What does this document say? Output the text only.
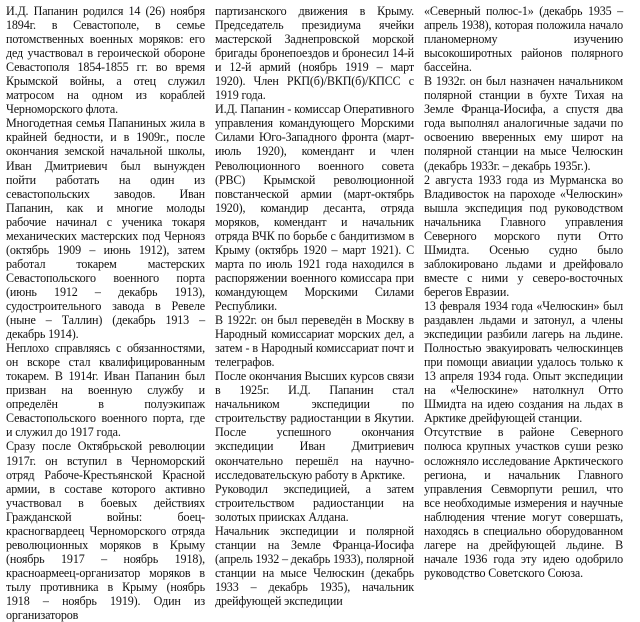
И.Д. Папанин родился 14 (26) ноября 1894г. в Севастополе, в семье потомственных военных моряков: его дед участвовал в героической обороне Севастополя 1854-1855 гг. во время Крымской войны, а отец служил матросом на одном из кораблей Черноморского флота.

Многодетная семья Папаниных жила в крайней бедности, и в 1909г., после окончания земской начальной школы, Иван Дмитриевич был вынужден пойти работать на один из севастопольских заводов. Иван Папанин, как и многие молоды рабочие начинал с ученика токаря механических мастерских под Чернояз (октябрь 1909 – июнь 1912), затем работал токарем мастерских Севастопольского военного порта (июнь 1912 – декабрь 1913), судостроительного завода в Ревеле (ныне – Таллин) (декабрь 1913 – декабрь 1914).

Неплохо справляясь с обязанностями, он вскоре стал квалифицированным токарем. В 1914г. Иван Папанин был призван на военную службу и определён в полуэкипаж Севастопольского военного порта, где и служил до 1917 года.

Сразу после Октябрьской революции 1917г. он вступил в Черноморский отряд Рабоче-Крестьянской Красной армии, в составе которого активно участвовал в боевых действиях Гражданской войны: боец-красногвардеец Черноморского отряда революционных моряков в Крыму (ноябрь 1917 – ноябрь 1918), красноармеец-организатор моряков в тылу противника в Крыму (ноябрь 1918 – ноябрь 1919). Один из организаторов

партизанского движения в Крыму. Председатель президиума ячейки мастерской Заднепровской морской бригады бронепоездов и бронесил 14-й и 12-й армий (ноябрь 1919 – март 1920). Член РКП(б)/ВКП(б)/КПСС с 1919 года.

И.Д. Папанин - комиссар Оперативного управления командующего Морскими Силами Юго-Западного фронта (март-июль 1920), комендант и член Революционного военного совета (РВС) Крымской революционной повстанческой армии (март-октябрь 1920), командир десанта, отряда моряков, комендант и начальник отряда ВЧК по борьбе с бандитизмом в Крыму (октябрь 1920 – март 1921). С марта по июль 1921 года находился в распоряжении военного комиссара при командующем Морскими Силами Республики.

В 1922г. он был переведён в Москву в Народный комиссариат морских дел, а затем - в Народный комиссариат почт и телеграфов.

После окончания Высших курсов связи в 1925г. И.Д. Папанин стал начальником экспедиции по строительству радиостанции в Якутии. После успешного окончания экспедиции Иван Дмитриевич окончательно перешёл на научно-исследовательскую работу в Арктике.

Руководил экспедицией, а затем строительством радиостанции на золотых приисках Алдана.

Начальник экспедиции и полярной станции на Земле Франца-Иосифа (апрель 1932 – декабрь 1933), полярной станции на мысе Челюскин (декабрь 1933 – декабрь 1935), начальник дрейфующей экспедиции

«Северный полюс-1» (декабрь 1935 – апрель 1938), которая положила начало планомерному изучению высокоширотных районов полярного бассейна.

В 1932г. он был назначен начальником полярной станции в бухте Тихая на Земле Франца-Иосифа, а спустя два года выполнял аналогичные задачи по освоению вверенных ему широт на полярной станции на мысе Челюскин (декабрь 1933г. – декабрь 1935г.).

2 августа 1933 года из Мурманска во Владивосток на пароходе «Челюскин» вышла экспедиция под руководством начальника Главного управления Северного морского пути Отто Шмидта. Осенью судно было заблокировано льдами и дрейфовало вместе с ними у северо-восточных берегов Евразии.

13 февраля 1934 года «Челюскин» был раздавлен льдами и затонул, а члены экспедиции разбили лагерь на льдине. Полностью эвакуировать челюскинцев при помощи авиации удалось только к 13 апреля 1934 года. Опыт экспедиции на «Челюскине» натолкнул Отто Шмидта на идею создания на льдах в Арктике дрейфующей станции.

Отсутствие в районе Северного полюса крупных участков суши резко осложняло исследование Арктического региона, и начальник Главного управления Севморпути решил, что все необходимые измерения и научные наблюдения чтение могут совершать, находясь в специально оборудованном лагере на дрейфующей льдине. В начале 1936 года эту идею одобрило руководство Советского Союза.
